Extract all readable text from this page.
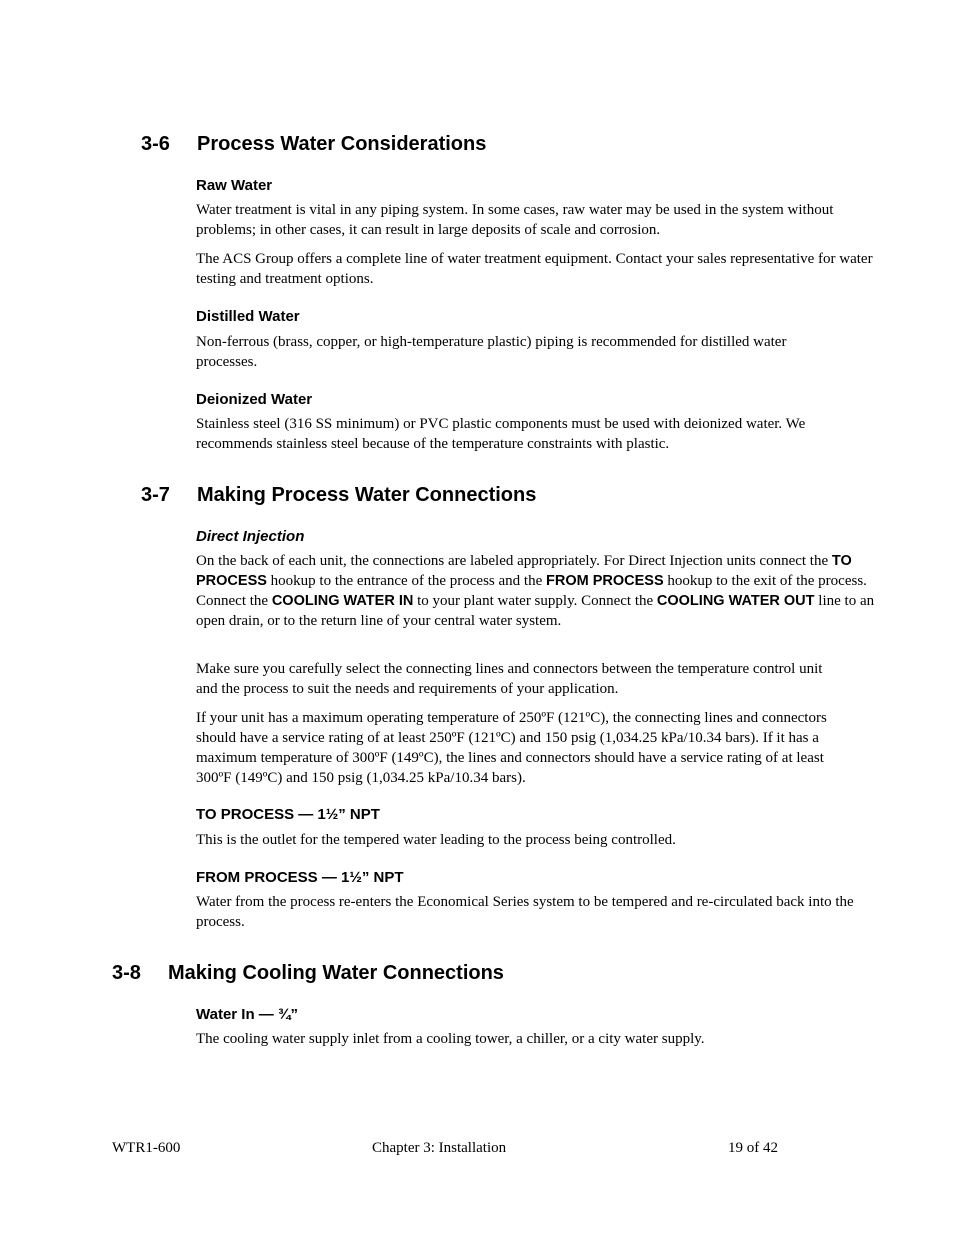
3-6 Process Water Considerations
Raw Water
Water treatment is vital in any piping system. In some cases, raw water may be used in the system without problems; in other cases, it can result in large deposits of scale and corrosion.
The ACS Group offers a complete line of water treatment equipment. Contact your sales representative for water testing and treatment options.
Distilled Water
Non-ferrous (brass, copper, or high-temperature plastic) piping is recommended for distilled water processes.
Deionized Water
Stainless steel (316 SS minimum) or PVC plastic components must be used with deionized water. We recommends stainless steel because of the temperature constraints with plastic.
3-7 Making Process Water Connections
Direct Injection
On the back of each unit, the connections are labeled appropriately. For Direct Injection units connect the TO PROCESS hookup to the entrance of the process and the FROM PROCESS hookup to the exit of the process. Connect the COOLING WATER IN to your plant water supply. Connect the COOLING WATER OUT line to an open drain, or to the return line of your central water system.
Make sure you carefully select the connecting lines and connectors between the temperature control unit and the process to suit the needs and requirements of your application.
If your unit has a maximum operating temperature of 250ºF (121ºC), the connecting lines and connectors should have a service rating of at least 250ºF (121ºC) and 150 psig (1,034.25 kPa/10.34 bars). If it has a maximum temperature of 300ºF (149ºC), the lines and connectors should have a service rating of at least 300ºF (149ºC) and 150 psig (1,034.25 kPa/10.34 bars).
TO PROCESS — 1½” NPT
This is the outlet for the tempered water leading to the process being controlled.
FROM PROCESS — 1½” NPT
Water from the process re-enters the Economical Series system to be tempered and re-circulated back into the process.
3-8 Making Cooling Water Connections
Water In — ¾”
The cooling water supply inlet from a cooling tower, a chiller, or a city water supply.
WTR1-600	Chapter 3: Installation	19 of 42
